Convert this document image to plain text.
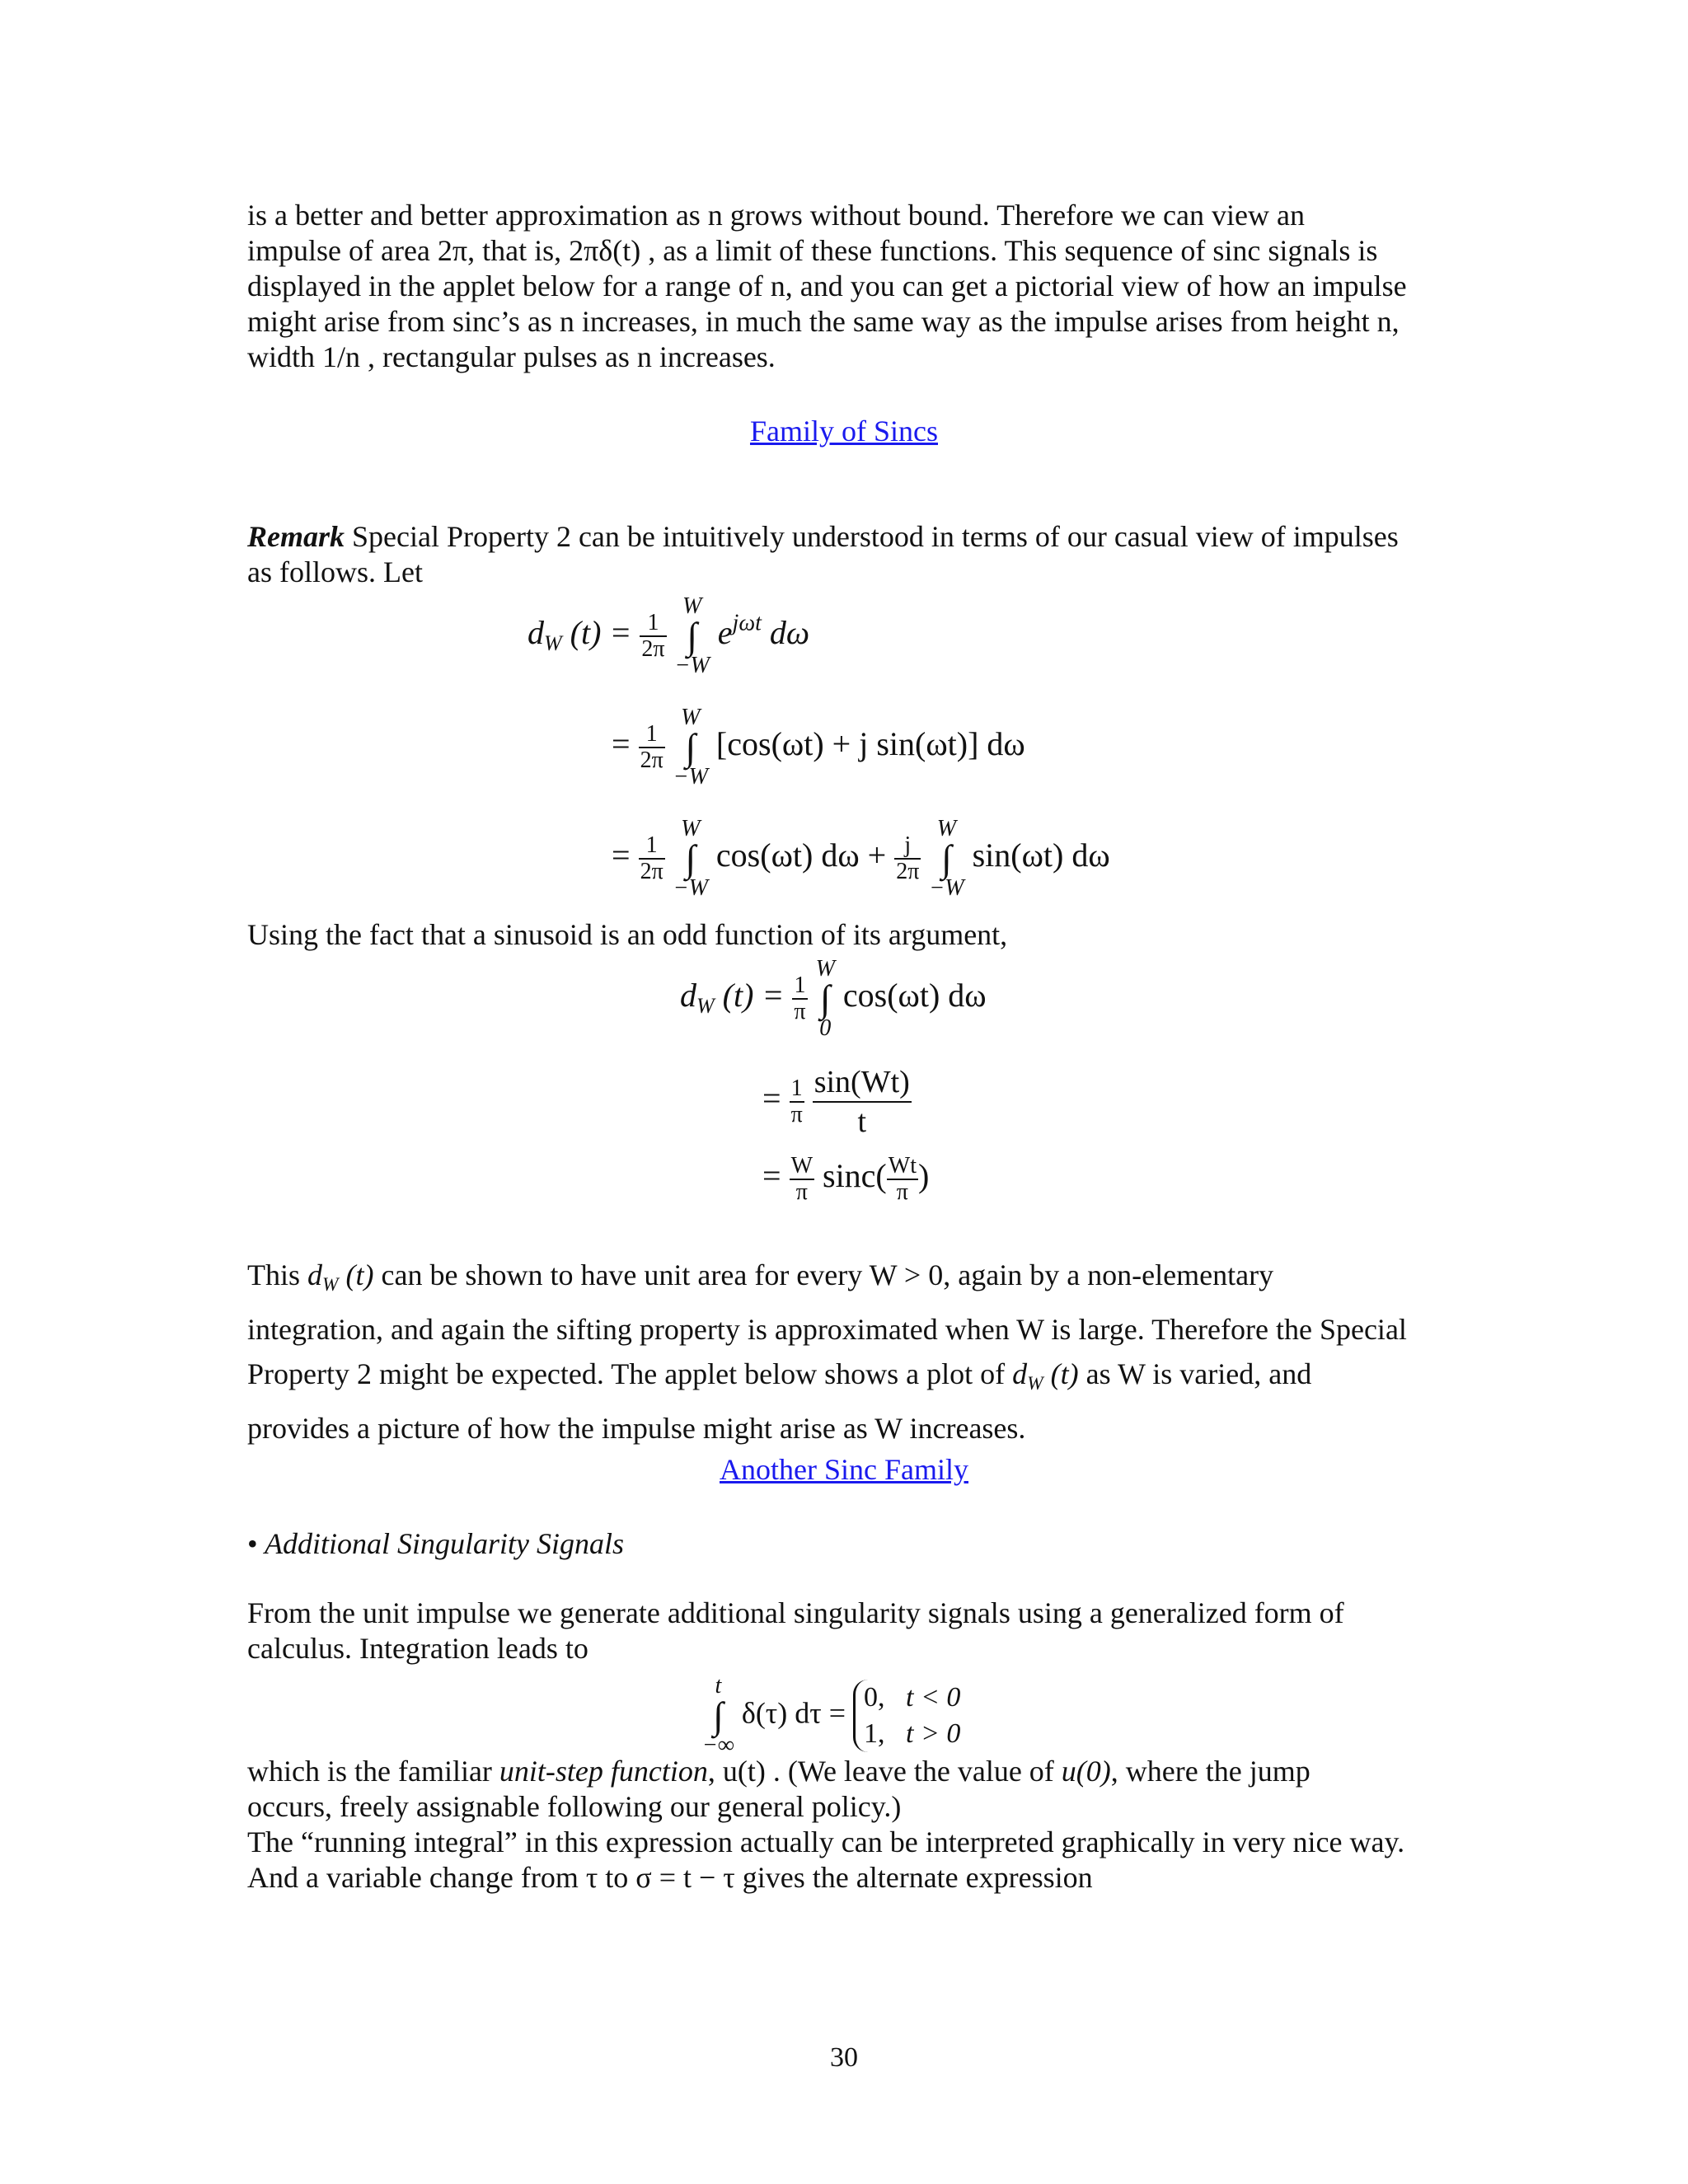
is a better and better approximation as n grows without bound. Therefore we can view an
impulse of area 2π, that is, 2πδ(t) , as a limit of these functions. This sequence of sinc signals is
displayed in the applet below for a range of n, and you can get a pictorial view of how an impulse
might arise from sinc’s as n increases, in much the same way as the impulse arises from height n,
width 1/n , rectangular pulses as n increases.
Family of Sincs
Remark Special Property 2 can be intuitively understood in terms of our casual view of impulses
as follows. Let
$d_W$ $(t) = \frac{1}{2\pi}$

W
∫
−W
$e^{j\omega t}$ dω
= $\frac{1}{2\pi}$

W
∫
−W
[cos(ωt) + j sin(ωt)] dω
= $\frac{1}{2\pi}$

W
∫
−W
cos(ωt) $d\omega + \frac{j}{2\pi}$

W
∫
−W
sin(ωt) dω
Using the fact that a sinusoid is an odd function of its argument,
$d_W$ $(t) = \frac{1}{\pi}$

W
∫
0
cos(ωt) dω
= $\frac{1}{\pi}$
$\frac{\sin(Wt)}{t}$
= $\frac{W}{\pi} \sin c( \frac{Wt}{\pi}$ )
This $d_W$ (t) can be shown to have unit area for every W > 0, again by a non-elementary
integration, and again the sifting property is approximated when W is large. Therefore the Special
Property 2 might be expected. The applet below shows a plot of $d_W$ (t) as W is varied, and
provides a picture of how the impulse might arise as W increases.
Another Sinc Family
• Additional Singularity Signals
From the unit impulse we generate additional singularity signals using a generalized form of
calculus. Integration leads to
t
∫
−∞
δ(τ) dτ = 0, t < 0
1, t > 0
which is the familiar unit-step function, u(t) . (We leave the value of u(0), where the jump
occurs, freely assignable following our general policy.)
The “running integral” in this expression actually can be interpreted graphically in very nice way.
And a variable change from τ to σ = t − τ gives the alternate expression
30
